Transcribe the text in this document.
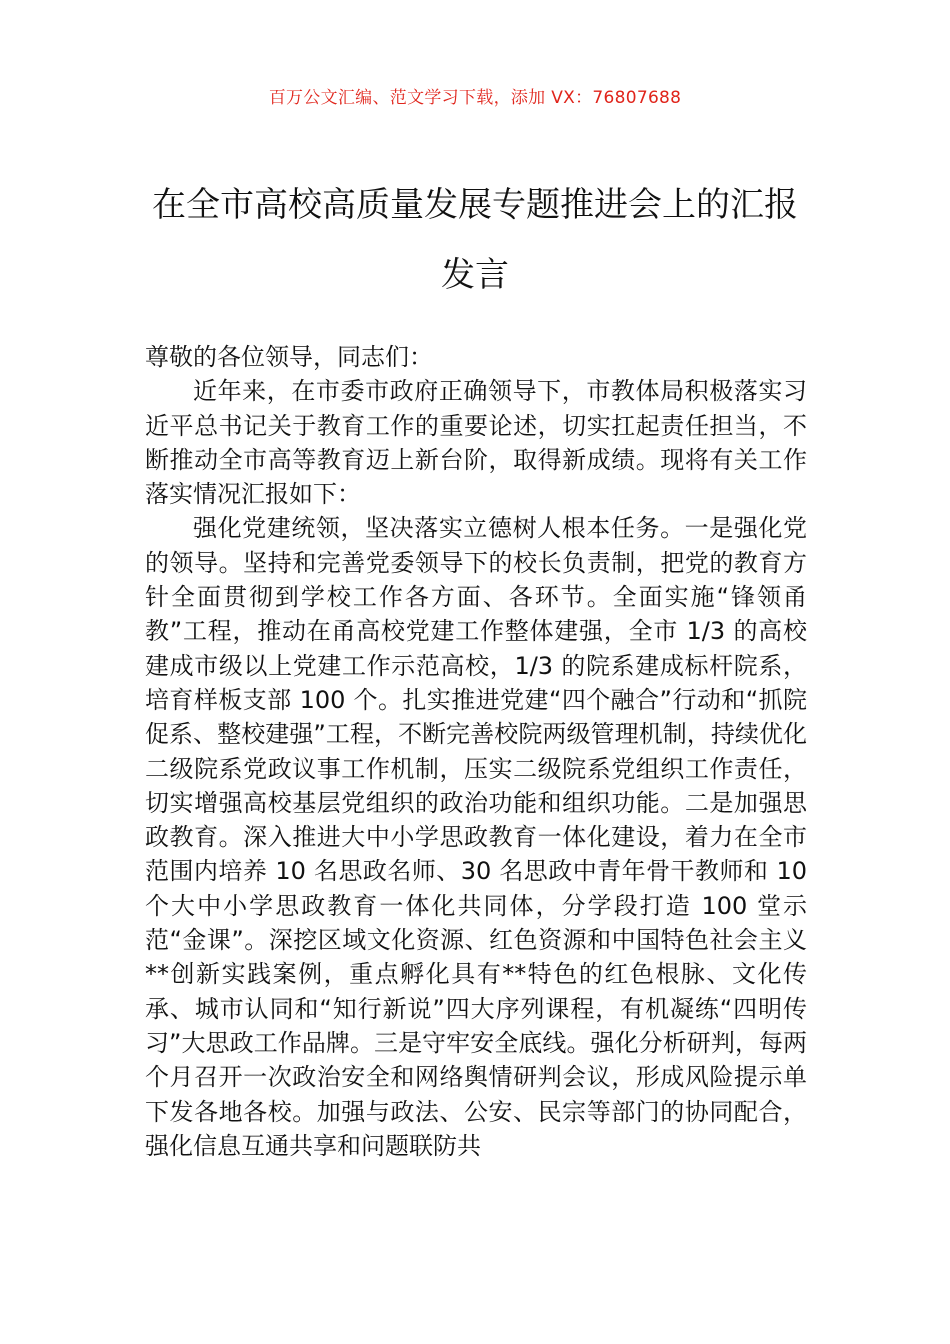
百万公文汇编、范文学习下载，添加 VX：76807688
在全市高校高质量发展专题推进会上的汇报发言

尊敬的各位领导，同志们：

近年来，在市委市政府正确领导下，市教体局积极落实习近平总书记关于教育工作的重要论述，切实扛起责任担当，不断推动全市高等教育迈上新台阶，取得新成绩。现将有关工作落实情况汇报如下：

强化党建统领，坚决落实立德树人根本任务。一是强化党的领导。坚持和完善党委领导下的校长负责制，把党的教育方针全面贯彻到学校工作各方面、各环节。全面实施“锋领甬教”工程，推动在甬高校党建工作整体建强，全市 1/3 的高校建成市级以上党建工作示范高校，1/3 的院系建成标杆院系，培育样板支部 100 个。扎实推进党建“四个融合”行动和“抓院促系、整校建强”工程，不断完善校院两级管理机制，持续优化二级院系党政议事工作机制，压实二级院系党组织工作责任，切实增强高校基层党组织的政治功能和组织功能。二是加强思政教育。深入推进大中小学思政教育一体化建设，着力在全市范围内培养 10 名思政名师、30 名思政中青年骨干教师和 10 个大中小学思政教育一体化共同体，分学段打造 100 堂示范“金课”。深挖区域文化资源、红色资源和中国特色社会主义**创新实践案例，重点孵化具有**特色的红色根脉、文化传承、城市认同和“知行新说”四大序列课程，有机凝练“四明传习”大思政工作品牌。三是守牢安全底线。强化分析研判，每两个月召开一次政治安全和网络舆情研判会议，形成风险提示单下发各地各校。加强与政法、公安、民宗等部门的协同配合，强化信息互通共享和问题联防共
